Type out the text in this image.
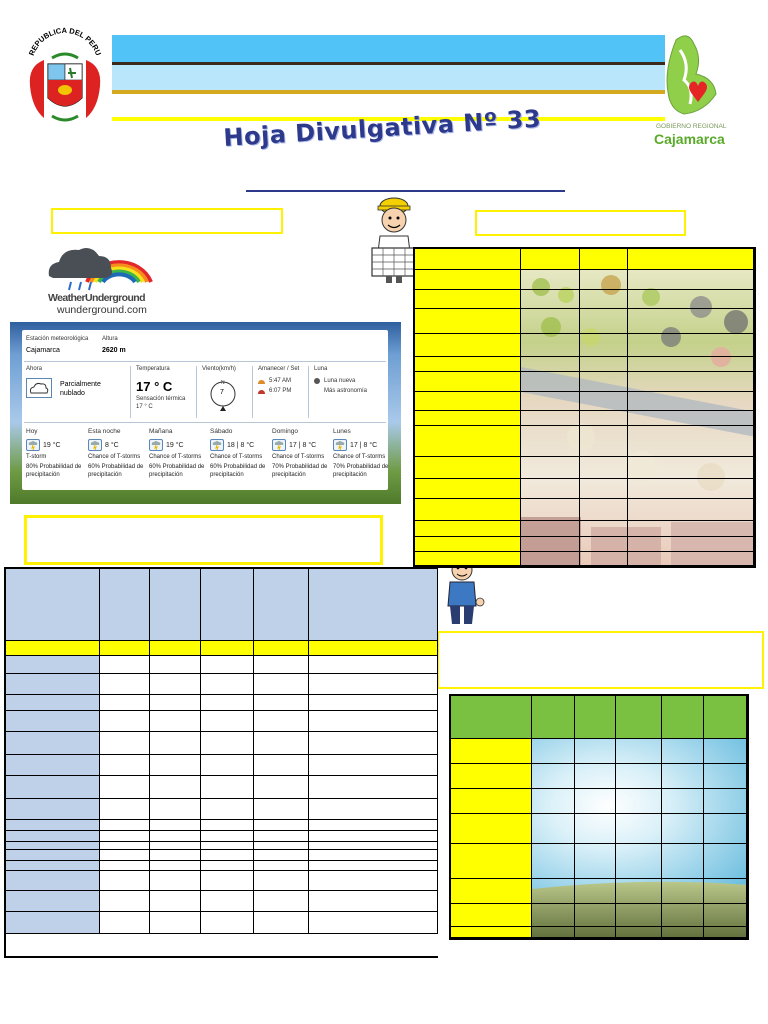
REPUBLICA DEL PERU
GOBIERNO REGIONAL
Cajamarca
Hoja Divulgativa Nº 33
WeatherUnderground
wunderground.com
Estación meteorológica
Cajamarca
Altura
2620 m
Ahora
Parcialmente nublado
Temperatura
17 ° C
Sensación térmica
17 ° C
Viento(km/h)
N
7
Amanecer / Set
5:47 AM
6:07 PM
Luna
Luna nueva
Más astronomía
Hoy
19 °C
T-storm
80% Probabilidad de precipitación
Esta noche
8 °C
Chance of T-storms
60% Probabilidad de precipitación
Mañana
19 °C
Chance of T-storms
60% Probabilidad de precipitación
Sábado
18 | 8 °C
Chance of T-storms
60% Probabilidad de precipitación
Domingo
17 | 8 °C
Chance of T-storms
70% Probabilidad de precipitación
Lunes
17 | 8 °C
Chance of T-storms
70% Probabilidad de precipitación
